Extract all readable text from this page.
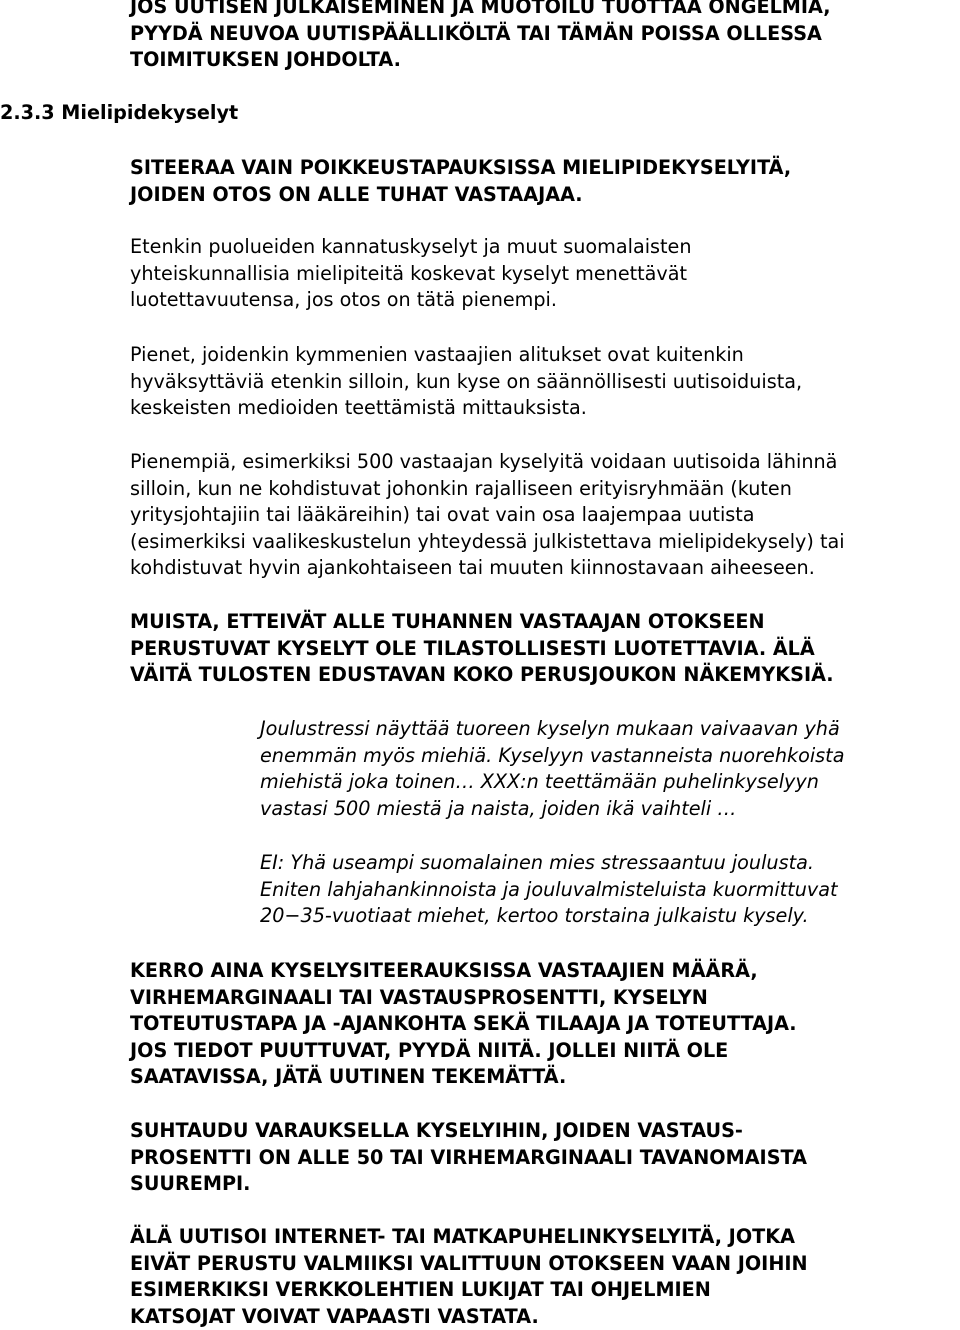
JOS UUTISEN JULKAISEMINEN JA MUOTOILU TUOTTAA ONGELMIA,
PYYDÄ NEUVOA UUTISPÄÄLLIKÖLTÄ TAI TÄMÄN POISSA OLLESSA
TOIMITUKSEN JOHDOLTA.
2.3.3 Mielipidekyselyt
SITEERAA VAIN POIKKEUSTAPAUKSISSA MIELIPIDEKYSELYITÄ,
JOIDEN OTOS ON ALLE TUHAT VASTAAJAA.
Etenkin puolueiden kannatuskyselyt ja muut suomalaisten
yhteiskunnallisia mielipiteitä koskevat kyselyt menettävät
luotettavuutensa, jos otos on tätä pienempi.
Pienet, joidenkin kymmenien vastaajien alitukset ovat kuitenkin
hyväksyttäviä etenkin silloin, kun kyse on säännöllisesti uutisoiduista,
keskeisten medioiden teettämistä mittauksista.
Pienempiä, esimerkiksi 500 vastaajan kyselyitä voidaan uutisoida lähinnä
silloin, kun ne kohdistuvat johonkin rajalliseen erityisryhmään (kuten
yritysjohtajiin tai lääkäreihin) tai ovat vain osa laajempaa uutista
(esimerkiksi vaalikeskustelun yhteydessä julkistettava mielipidekysely) tai
kohdistuvat hyvin ajankohtaiseen tai muuten kiinnostavaan aiheeseen.
MUISTA, ETTEIVÄT ALLE TUHANNEN VASTAAJAN OTOKSEEN
PERUSTUVAT KYSELYT OLE TILASTOLLISESTI LUOTETTAVIA. ÄLÄ
VÄITÄ TULOSTEN EDUSTAVAN KOKO PERUSJOUKON NÄKEMYKSIÄ.
Joulustressi näyttää tuoreen kyselyn mukaan vaivaavan yhä
enemmän myös miehiä. Kyselyyn vastanneista nuorehkoista
miehistä joka toinen… XXX:n teettämään puhelinkyselyyn
vastasi 500 miestä ja naista, joiden ikä vaihteli …
EI: Yhä useampi suomalainen mies stressaantuu joulusta.
Eniten lahjahankinnoista ja jouluvalmisteluista kuormittuvat
20−35-vuotiaat miehet, kertoo torstaina julkaistu kysely.
KERRO AINA KYSELYSITEERAUKSISSA VASTAAJIEN MÄÄRÄ,
VIRHEMARGINAALI TAI VASTAUSPROSENTTI, KYSELYN
TOTEUTUSTAPA JA -AJANKOHTA SEKÄ TILAAJA JA TOTEUTTAJA.
JOS TIEDOT PUUTTUVAT, PYYDÄ NIITÄ. JOLLEI NIITÄ OLE
SAATAVISSA, JÄTÄ UUTINEN TEKEMÄTTÄ.
SUHTAUDU VARAUKSELLA KYSELYIHIN, JOIDEN VASTAUS-
PROSENTTI ON ALLE 50 TAI VIRHEMARGINAALI TAVANOMAISTA
SUUREMPI.
ÄLÄ UUTISOI INTERNET- TAI MATKAPUHELINKYSELYITÄ, JOTKA
EIVÄT PERUSTU VALMIIKSI VALITTUUN OTOKSEEN VAAN JOIHIN
ESIMERKIKSI VERKKOLEHTIEN LUKIJAT TAI OHJELMIEN
KATSOJAT VOIVAT VAPAASTI VASTATA.
